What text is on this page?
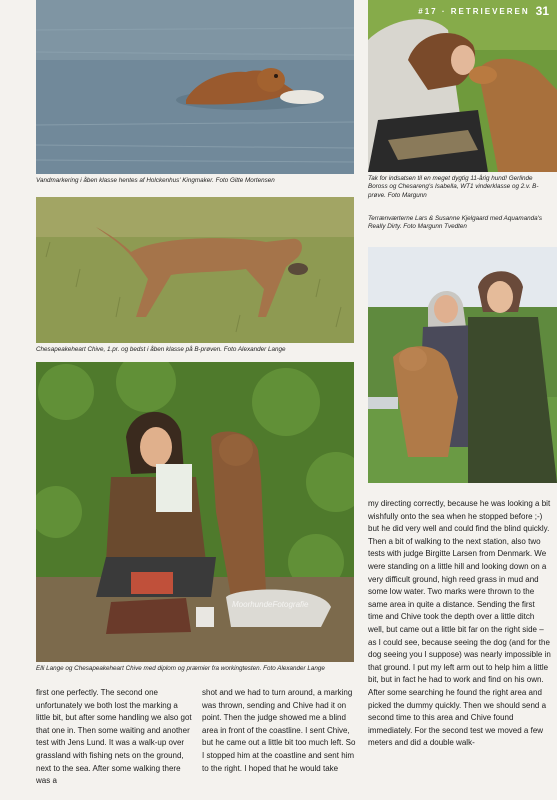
Vandmarkering i åben klasse hentes af Holckenhus' Kingmaker. Foto Gitte Mortensen
#17 · RETRIEVEREN 31
Tak for indsatsen til en meget dygtig 11-årig hund! Gerlinde Boross og Chesareng's Isabella, WT1 vinderklasse og 2.v. B-prøve. Foto Margunn
Chesapeakeheart Chive, 1.pr. og bedst i åben klasse på B-prøven. Foto Alexander Lange
Terrænværterne Lars & Susanne Kjelgaard med Aquamanda's Really Dirty. Foto Margunn Tvedten
MoorhundeFotografie
Elli Lange og Chesapeakeheart Chive med diplom og præmier fra workingtesten. Foto Alexander Lange

my directing correctly, because he was looking a bit wishfully onto the sea when he stopped before ;-) but he did very well and could find the blind quickly.
Then a bit of walking to the next station, also two tests with judge Birgitte Larsen from Denmark. We were standing on a little hill and looking down on a very difficult ground, high reed grass in mud and some low water. Two marks were thrown to the same area in quite a distance. Sending the first time and Chive took the depth over a little ditch well, but came out a little bit far on the right side – as I could see, because seeing the dog (and for the dog seeing you I suppose) was nearly impossible in that ground. I put my left arm out to help him a little bit, but in fact he had to work and find on his own. After some searching he found the right area and picked the dummy quickly. Then we should send a second time to this area and Chive found immediately. For the second test we moved a few meters and did a double walk-

first one perfectly. The second one unfortunately we both lost the marking a little bit, but after some handling we also got that one in. Then some waiting and another test with Jens Lund. It was a walk-up over grassland with fishing nets on the ground, next to the sea. After some walking there was a

shot and we had to turn around, a marking was thrown, sending and Chive had it on point. Then the judge showed me a blind area in front of the coastline. I sent Chive, but he came out a little bit too much left. So I stopped him at the coastline and sent him to the right. I hoped that he would take
